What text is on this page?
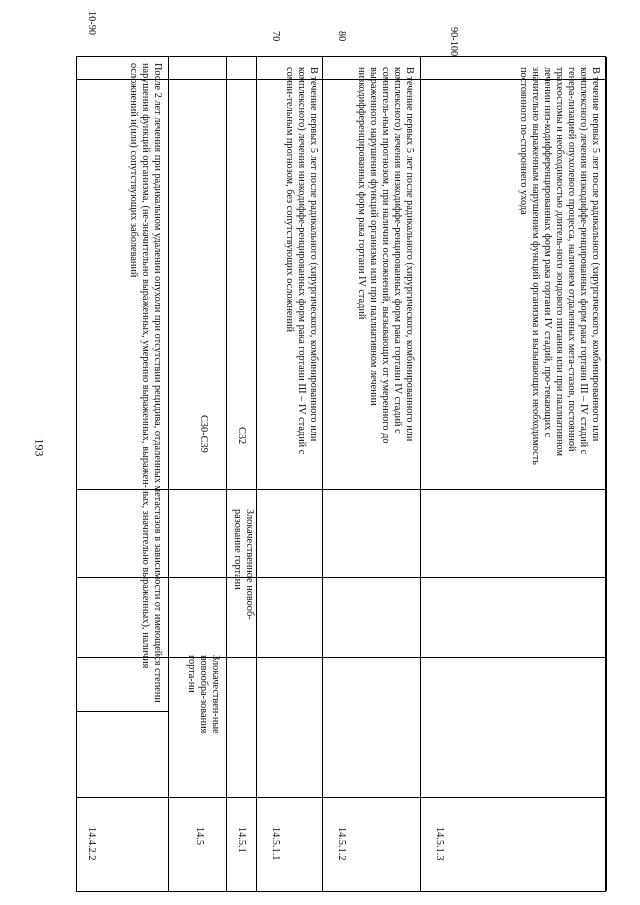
193	После 2 лет лечения при радикальном удалении опухоли при отсутствии рецидива, отдаленных метастазов в зависимости от имеющейся степени нарушения функций организма, (не-значительно выраженных, умеренно выраженных, выражен-ных, значительно выраженных), наличия осложнений и(или) сопутствующих заболеваний
14.4.2.2
10-90
С30-С39
Злокачествен-ные новообра-зования горта-ни
14.5
С32
Злокачественное новооб-разование гортани
14.5.1
В течение первых 5 лет после радикального (хирургического, комбинированного или комплексного) лечения низкодиффе-ренцированных форм рака гортани III – IV стадий с сомни-тельным прогнозом, без сопутствующих осложнений
70
14.5.1.1
В течение первых 5 лет после радикального (хирургического, комбинированного или комплексного) лечения низкодиффе-ренцированных форм рака гортани IV стадий с сомнитель-ным прогнозом, при наличии осложнений, вызывающих от умеренного до выраженного нарушения функций организма или при паллиативном лечении низкодифференцированных форм рака гортани IV стадий
80
14.5.1.2
В течение первых 5 лет после радикального (хирургического, комбинированного или комплексного) лечения низкодиффе-ренцированных форм рака гортани III – IV стадий с генера-лизацией опухолевого процесса, наличием отдаленных мета-стазов, постоянной трахеостомы и необходимостью длитель-ного зондового питания или при паллиативном лечении низ-кодифференцированных форм рака гортани IV стадий, про-текающих с значительно выраженным нарушением функций организма и вызывающих необходимость постоянного по-стороннего ухода
90-100
14.5.1.3
